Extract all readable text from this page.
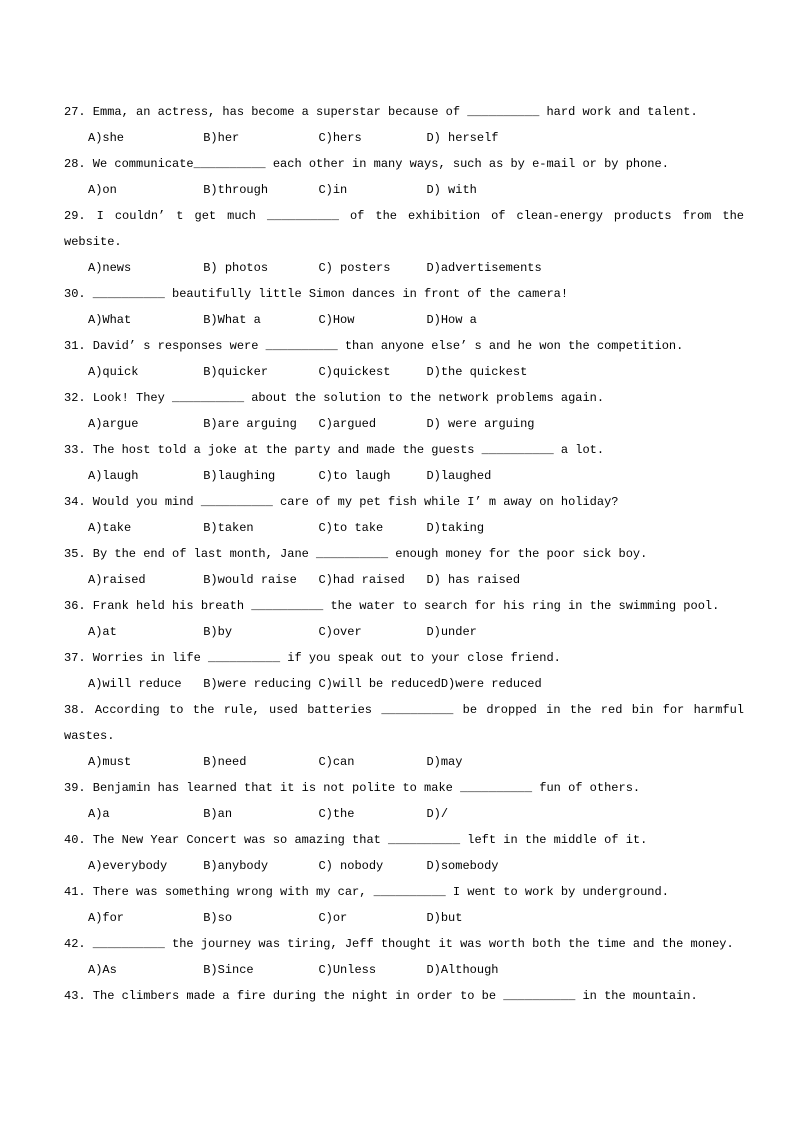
27. Emma, an actress, has become a superstar because of __________ hard work and talent.
A)she	B)her	C)hers	D) herself
28. We communicate__________ each other in many ways, such as by e-mail or by phone.
A)on	B)through	C)in	D) with
29. I couldn’ t get much __________ of the exhibition of clean-energy products from the website.
A)news	B) photos	C) posters	D)advertisements
30. __________ beautifully little Simon dances in front of the camera!
A)What	B)What a	C)How	D)How a
31. David’ s responses were __________ than anyone else’ s and he won the competition.
A)quick	B)quicker	C)quickest	D)the quickest
32. Look! They __________ about the solution to the network problems again.
A)argue	B)are arguing C)argued	D) were arguing
33. The host told a joke at the party and made the guests __________ a lot.
A)laugh	B)laughing	C)to laugh	D)laughed
34. Would you mind __________ care of my pet fish while I’ m away on holiday?
A)take	B)taken	C)to take	D)taking
35. By the end of last month, Jane __________ enough money for the poor sick boy.
A)raised	B)would raise C)had raised D) has raised
36. Frank held his breath __________ the water to search for his ring in the swimming pool.
A)at	B)by	C)over	D)under
37. Worries in life __________ if you speak out to your close friend.
A)will reduce B)were reducing C)will be reducedD)were reduced
38. According to the rule, used batteries __________ be dropped in the red bin for harmful wastes.
A)must	B)need	C)can	D)may
39. Benjamin has learned that it is not polite to make __________ fun of others.
A)a	B)an	C)the	D)/
40. The New Year Concert was so amazing that __________ left in the middle of it.
A)everybody	B)anybody	C) nobody	D)somebody
41. There was something wrong with my car, __________ I went to work by underground.
A)for	B)so	C)or	D)but
42. __________ the journey was tiring, Jeff thought it was worth both the time and the money.
A)As	B)Since	C)Unless	D)Although
43. The climbers made a fire during the night in order to be __________ in the mountain.
